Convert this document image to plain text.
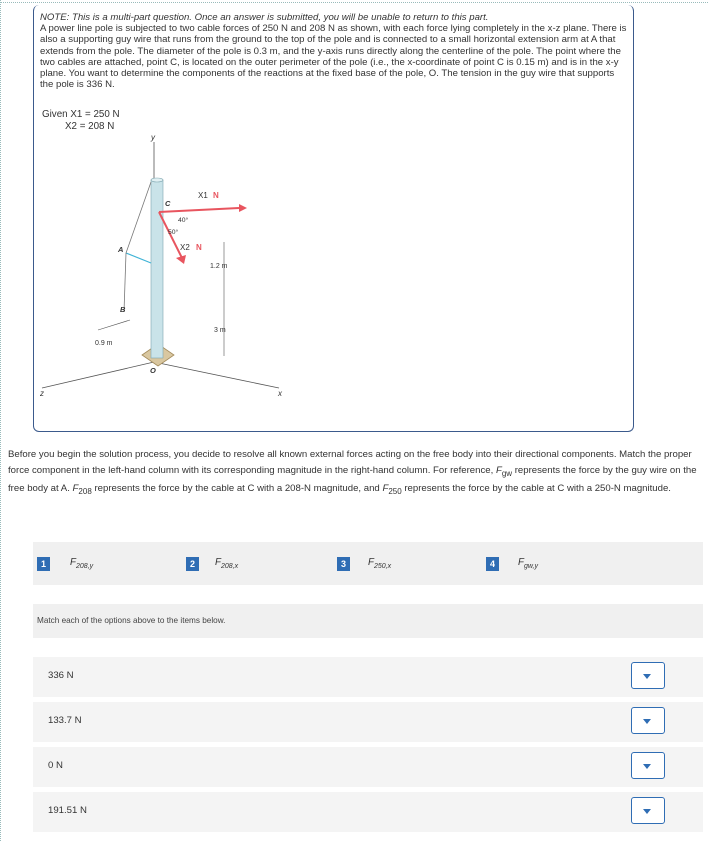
NOTE: This is a multi-part question. Once an answer is submitted, you will be unable to return to this part.

A power line pole is subjected to two cable forces of 250 N and 208 N as shown, with each force lying completely in the x-z plane. There is also a supporting guy wire that runs from the ground to the top of the pole and is connected to a small horizontal extension arm at A that extends from the pole. The diameter of the pole is 0.3 m, and the y-axis runs directly along the centerline of the pole. The point where the two cables are attached, point C, is located on the outer perimeter of the pole (i.e., the x-coordinate of point C is 0.15 m) and is in the x-y plane. You want to determine the components of the reactions at the fixed base of the pole, O. The tension in the guy wire that supports the pole is 336 N.

Given X1 = 250 N
X2 = 208 N
y
z	x
C
A
B
O
X1 N
X2 N
40°
50°
1.2 m
3 m
0.9 m
Before you begin the solution process, you decide to resolve all known external forces acting on the free body into their directional components. Match the proper force component in the left-hand column with its corresponding magnitude in the right-hand column. For reference, $F_{gw}$ represents the force by the guy wire on the free body at A. $F_{208}$ represents the force by the cable at C with a 208-N magnitude, and $F_{250}$ represents the force by the cable at C with a 250-N magnitude.
1	$F_{208,y}$	2	$F_{208,x}$	3	$F_{250,x}$	4	$F_{gw,y}$
Match each of the options above to the items below.
336 N
133.7 N
0 N
191.51 N
